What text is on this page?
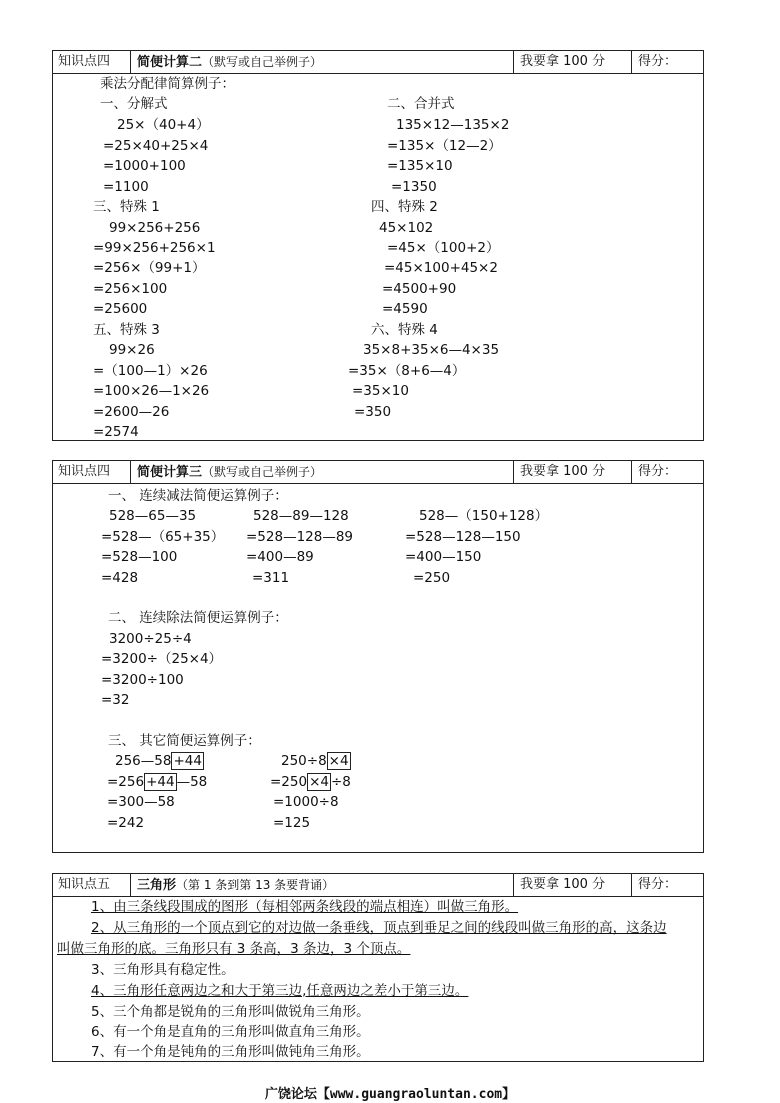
知识点四	简便计算二（默写或自己举例子）	我要拿 100 分	得分：
乘法分配律简算例子：
一、分解式
25×（40+4）
=25×40+25×4
=1000+100
=1100
二、合并式
135×12—135×2
=135×（12—2）
=135×10
=1350
三、特殊 1
99×256+256
=99×256+256×1
=256×（99+1）
=256×100
=25600
四、特殊 2
45×102
=45×（100+2）
=45×100+45×2
=4500+90
=4590
五、特殊 3
99×26
=（100—1）×26
=100×26—1×26
=2600—26
=2574
六、特殊 4
35×8+35×6—4×35
=35×（8+6—4）
=35×10
=350
知识点四	简便计算三（默写或自己举例子）	我要拿 100 分	得分：
一、 连续减法简便运算例子：
528—65—35
=528—（65+35）
=528—100
=428
528—89—128
=528—128—89
=400—89
=311
528—（150+128）
=528—128—150
=400—150
=250
二、 连续除法简便运算例子：
3200÷25÷4
=3200÷（25×4）
=3200÷100
=32
三、 其它简便运算例子：
256—58 +44
=256 +44 —58
=300—58
=242
250÷8 ×4
=250 ×4 ÷8
=1000÷8
=125
知识点五	三角形（第 1 条到第 13 条要背诵）	我要拿 100 分	得分：
1、由三条线段围成的图形（每相邻两条线段的端点相连）叫做三角形。
2、从三角形的一个顶点到它的对边做一条垂线，顶点到垂足之间的线段叫做三角形的高，这条边
叫做三角形的底。三角形只有 3 条高，3 条边，3 个顶点。
3、三角形具有稳定性。
4、三角形任意两边之和大于第三边,任意两边之差小于第三边。
5、三个角都是锐角的三角形叫做锐角三角形。
6、有一个角是直角的三角形叫做直角三角形。
7、有一个角是钝角的三角形叫做钝角三角形。
广饶论坛【www.guangraoluntan.com】
